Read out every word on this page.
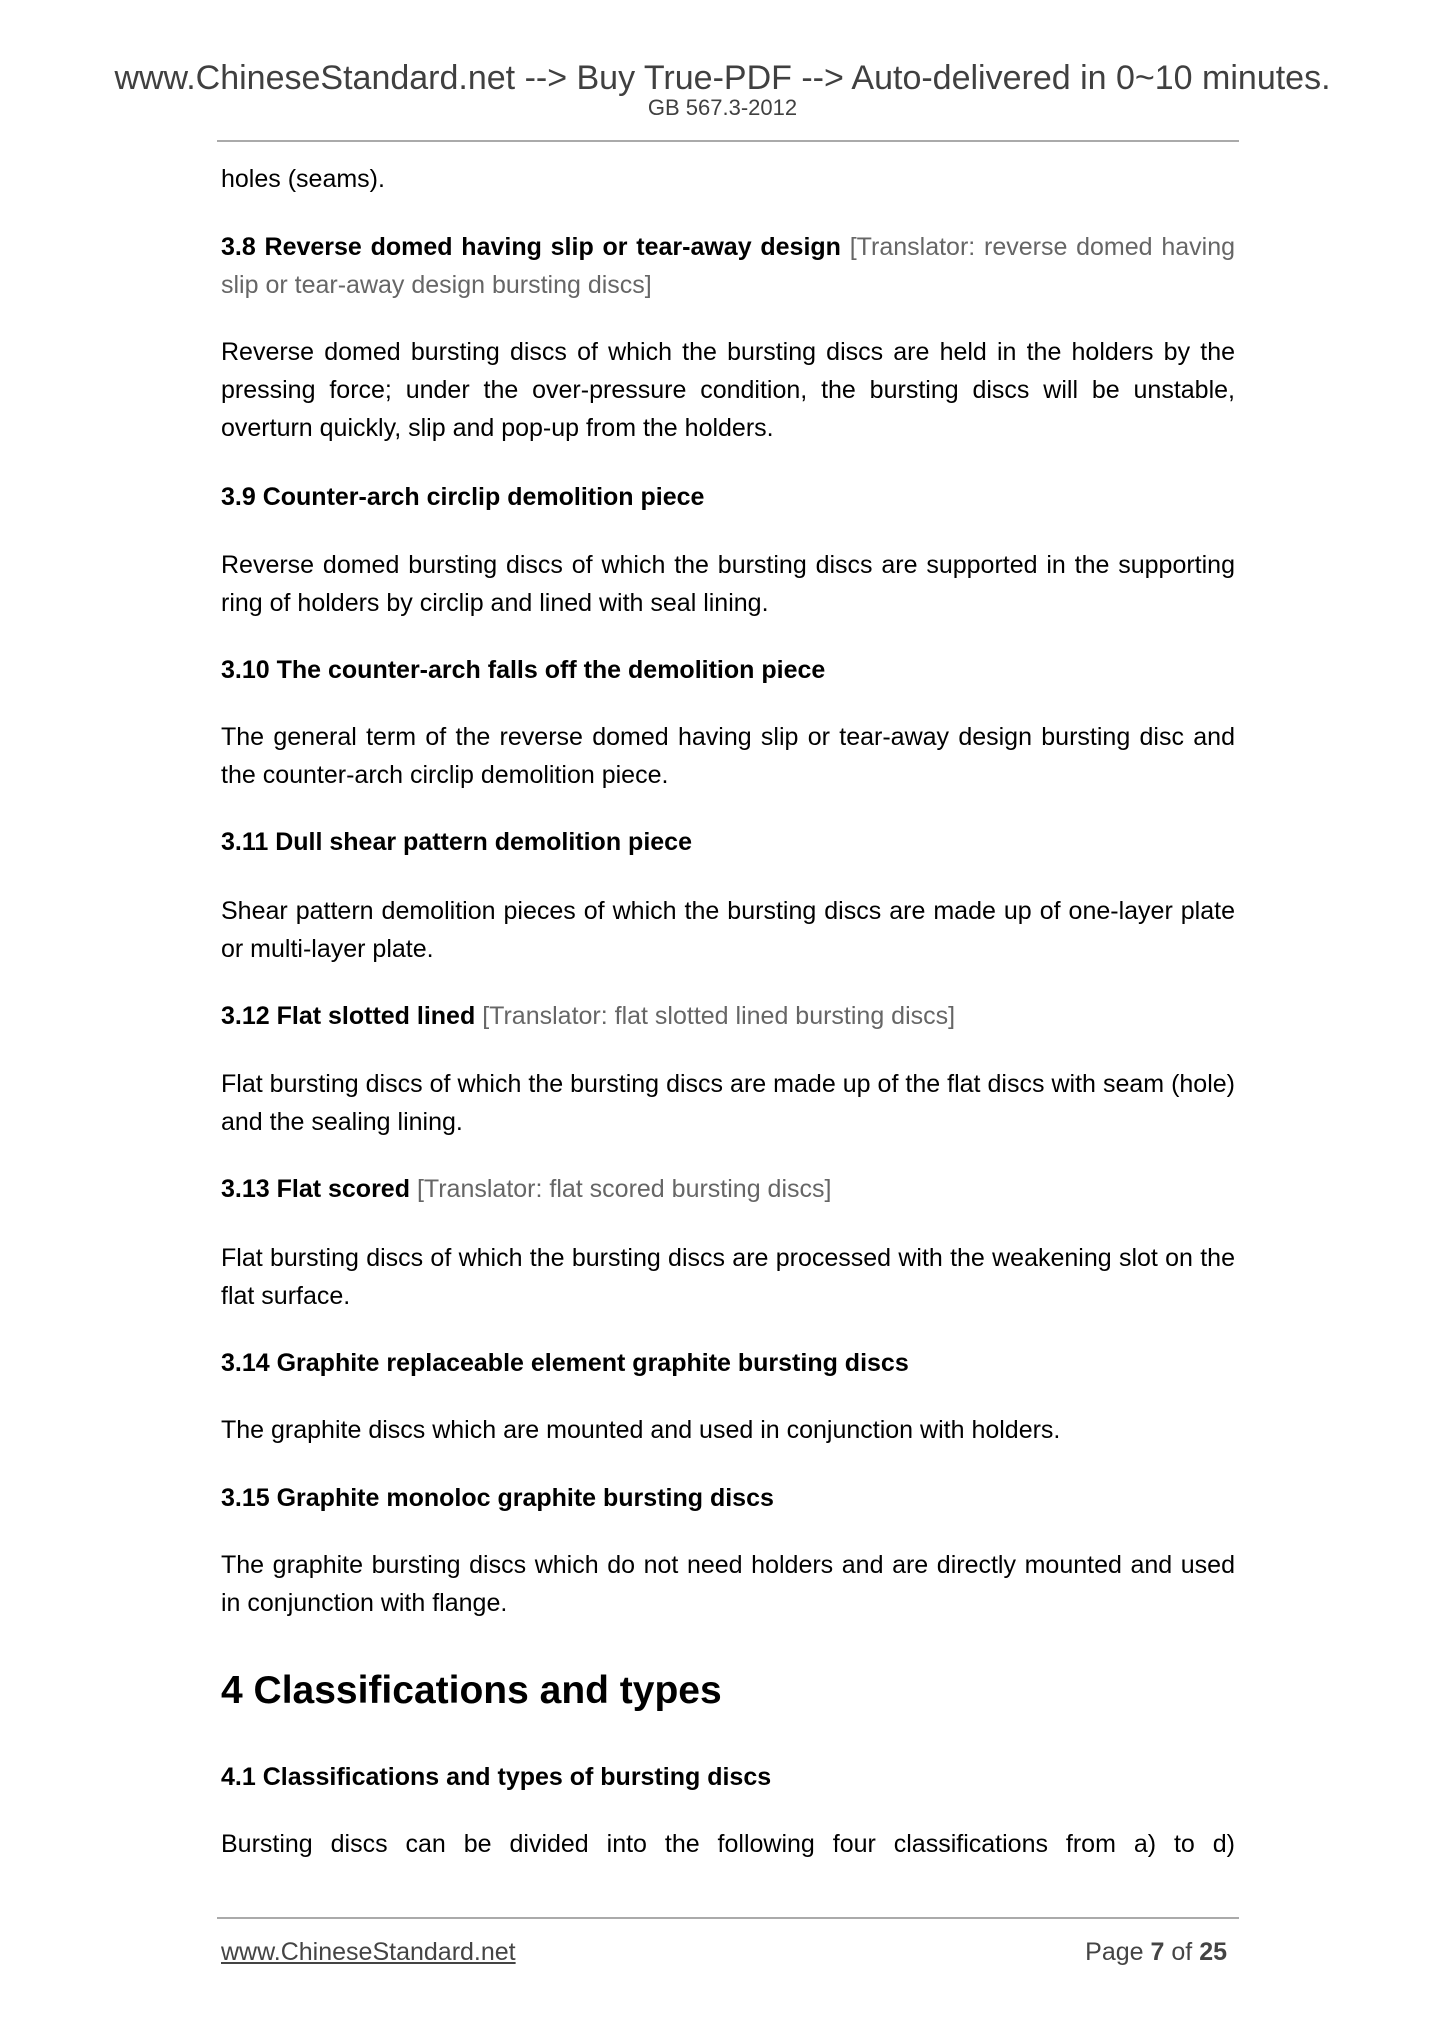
www.ChineseStandard.net --> Buy True-PDF --> Auto-delivered in 0~10 minutes.
GB 567.3-2012
holes (seams).
3.8 Reverse domed having slip or tear-away design [Translator: reverse domed having slip or tear-away design bursting discs]
Reverse domed bursting discs of which the bursting discs are held in the holders by the pressing force; under the over-pressure condition, the bursting discs will be unstable, overturn quickly, slip and pop-up from the holders.
3.9 Counter-arch circlip demolition piece
Reverse domed bursting discs of which the bursting discs are supported in the supporting ring of holders by circlip and lined with seal lining.
3.10 The counter-arch falls off the demolition piece
The general term of the reverse domed having slip or tear-away design bursting disc and the counter-arch circlip demolition piece.
3.11 Dull shear pattern demolition piece
Shear pattern demolition pieces of which the bursting discs are made up of one-layer plate or multi-layer plate.
3.12 Flat slotted lined [Translator: flat slotted lined bursting discs]
Flat bursting discs of which the bursting discs are made up of the flat discs with seam (hole) and the sealing lining.
3.13 Flat scored [Translator: flat scored bursting discs]
Flat bursting discs of which the bursting discs are processed with the weakening slot on the flat surface.
3.14 Graphite replaceable element graphite bursting discs
The graphite discs which are mounted and used in conjunction with holders.
3.15 Graphite monoloc graphite bursting discs
The graphite bursting discs which do not need holders and are directly mounted and used in conjunction with flange.
4 Classifications and types
4.1 Classifications and types of bursting discs
Bursting discs can be divided into the following four classifications from a) to d)
www.ChineseStandard.net	Page 7 of 25
